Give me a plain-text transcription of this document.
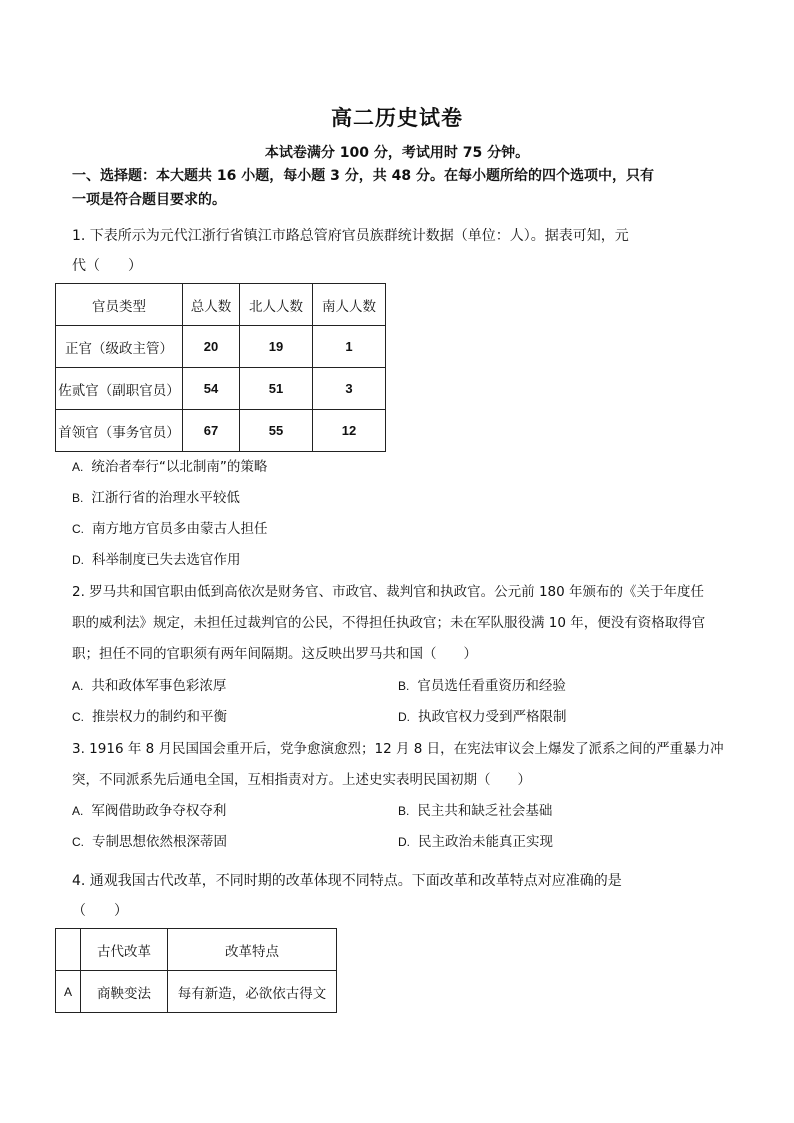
高二历史试卷
本试卷满分 100 分，考试用时 75 分钟。
一、选择题：本大题共 16 小题，每小题 3 分，共 48 分。在每小题所给的四个选项中，只有
一项是符合题目要求的。
1. 下表所示为元代江浙行省镇江市路总管府官员族群统计数据（单位：人）。据表可知，元
代（　　）
官员类型	总人数	北人人数	南人人数
正官（级政主管）	20	19	1
佐贰官（副职官员）	54	51	3
首领官（事务官员）	67	55	12
A. 统治者奉行“以北制南”的策略
B. 江浙行省的治理水平较低
C. 南方地方官员多由蒙古人担任
D. 科举制度已失去选官作用
2. 罗马共和国官职由低到高依次是财务官、市政官、裁判官和执政官。公元前 180 年颁布的《关于年度任
职的威利法》规定，未担任过裁判官的公民，不得担任执政官；未在军队服役满 10 年，便没有资格取得官
职；担任不同的官职须有两年间隔期。这反映出罗马共和国（　　）
A. 共和政体军事色彩浓厚	B. 官员选任看重资历和经验
C. 推崇权力的制约和平衡	D. 执政官权力受到严格限制
3. 1916 年 8 月民国国会重开后，党争愈演愈烈；12 月 8 日，在宪法审议会上爆发了派系之间的严重暴力冲
突，不同派系先后通电全国，互相指责对方。上述史实表明民国初期（　　）
A. 军阀借助政争夺权夺利	B. 民主共和缺乏社会基础
C. 专制思想依然根深蒂固	D. 民主政治未能真正实现
4. 通观我国古代改革，不同时期的改革体现不同特点。下面改革和改革特点对应准确的是
（　　）
	古代改革	改革特点
A	商鞅变法	每有新造，必欲依古得文
